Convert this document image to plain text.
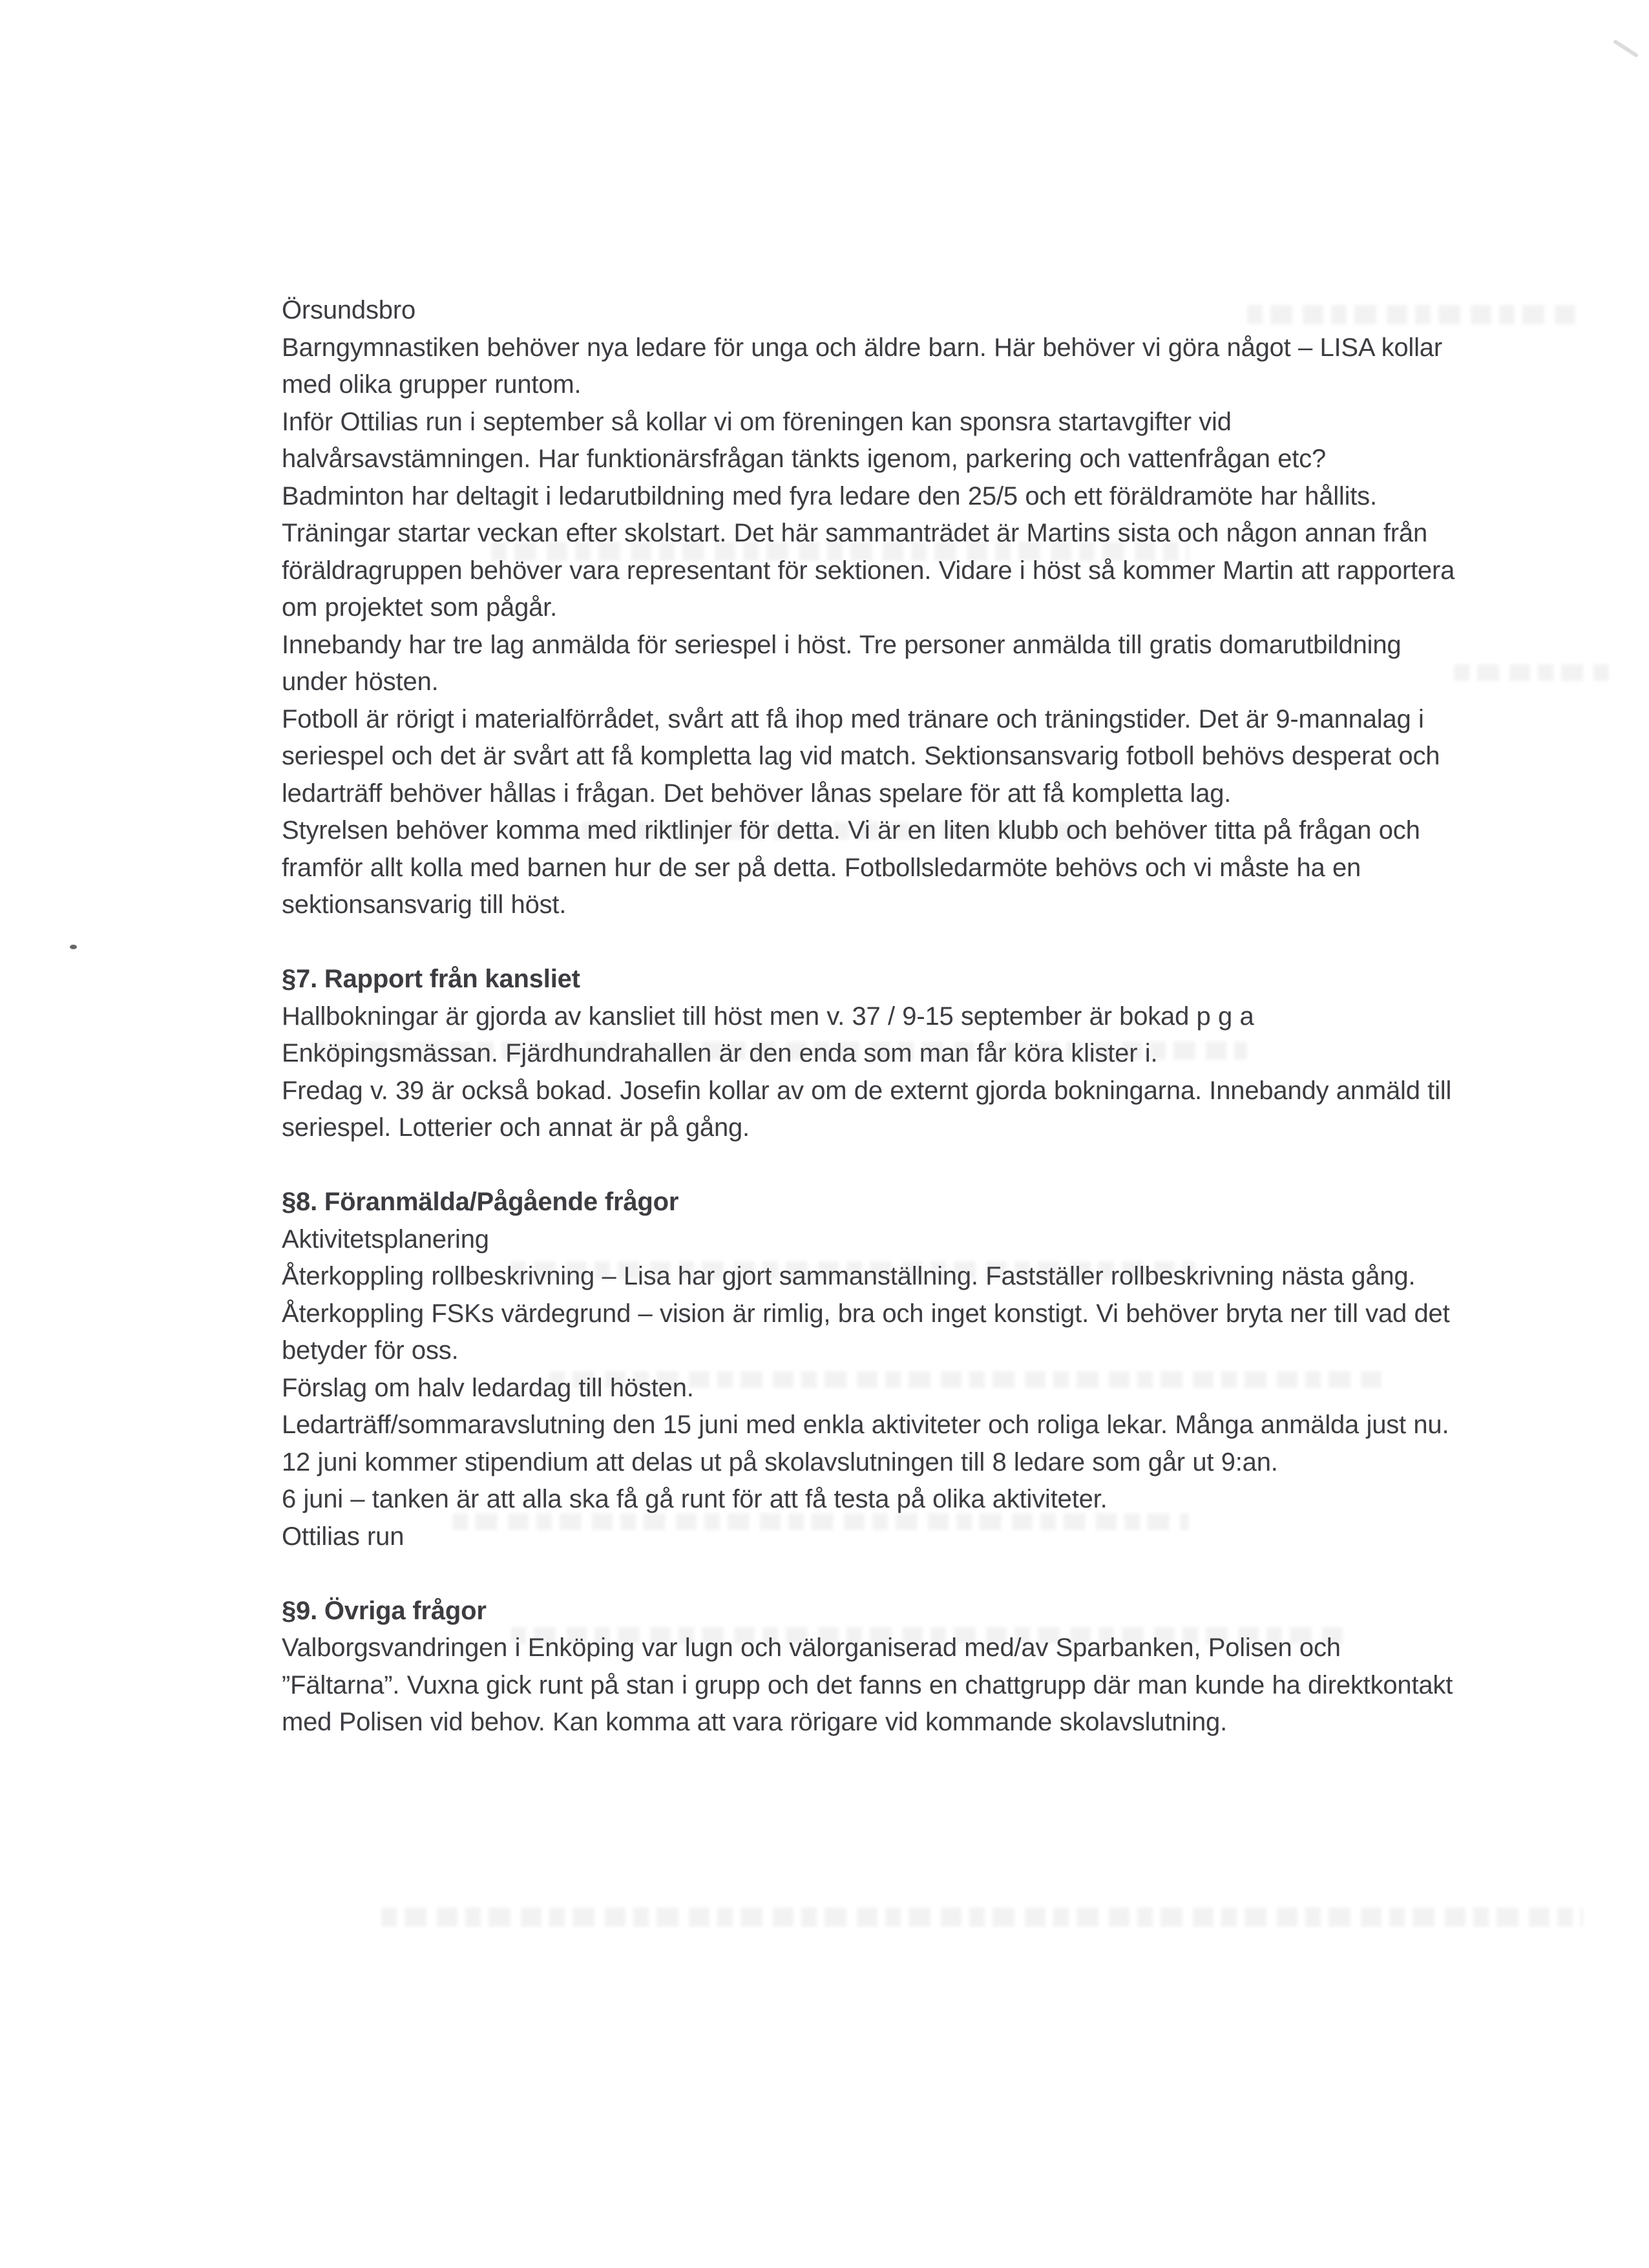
Örsundsbro

Barngymnastiken behöver nya ledare för unga och äldre barn. Här behöver vi göra något – LISA kollar med olika grupper runtom.

Inför Ottilias run i september så kollar vi om föreningen kan sponsra startavgifter vid halvårsavstämningen. Har funktionärsfrågan tänkts igenom, parkering och vattenfrågan etc?

Badminton har deltagit i ledarutbildning med fyra ledare den 25/5 och ett föräldramöte har hållits. Träningar startar veckan efter skolstart. Det här sammanträdet är Martins sista och någon annan från föräldragruppen behöver vara representant för sektionen. Vidare i höst så kommer Martin att rapportera om projektet som pågår.

Innebandy har tre lag anmälda för seriespel i höst. Tre personer anmälda till gratis domarutbildning under hösten.

Fotboll är rörigt i materialförrådet, svårt att få ihop med tränare och träningstider. Det är 9-mannalag i seriespel och det är svårt att få kompletta lag vid match. Sektionsansvarig fotboll behövs desperat och ledarträff behöver hållas i frågan. Det behöver lånas spelare för att få kompletta lag.

Styrelsen behöver komma med riktlinjer för detta. Vi är en liten klubb och behöver titta på frågan och framför allt kolla med barnen hur de ser på detta. Fotbollsledarmöte behövs och vi måste ha en sektionsansvarig till höst.

§7. Rapport från kansliet

Hallbokningar är gjorda av kansliet till höst men v. 37 / 9-15 september är bokad p g a Enköpingsmässan. Fjärdhundrahallen är den enda som man får köra klister i.

Fredag v. 39 är också bokad. Josefin kollar av om de externt gjorda bokningarna. Innebandy anmäld till seriespel. Lotterier och annat är på gång.

§8. Föranmälda/Pågående frågor

Aktivitetsplanering

Återkoppling rollbeskrivning – Lisa har gjort sammanställning. Fastställer rollbeskrivning nästa gång.

Återkoppling FSKs värdegrund – vision är rimlig, bra och inget konstigt. Vi behöver bryta ner till vad det betyder för oss.

Förslag om halv ledardag till hösten.

Ledarträff/sommaravslutning den 15 juni med enkla aktiviteter och roliga lekar. Många anmälda just nu.

12 juni kommer stipendium att delas ut på skolavslutningen till 8 ledare som går ut 9:an.

6 juni – tanken är att alla ska få gå runt för att få testa på olika aktiviteter.

Ottilias run

§9. Övriga frågor

Valborgsvandringen i Enköping var lugn och välorganiserad med/av Sparbanken, Polisen och ”Fältarna”. Vuxna gick runt på stan i grupp och det fanns en chattgrupp där man kunde ha direktkontakt med Polisen vid behov. Kan komma att vara rörigare vid kommande skolavslutning.
